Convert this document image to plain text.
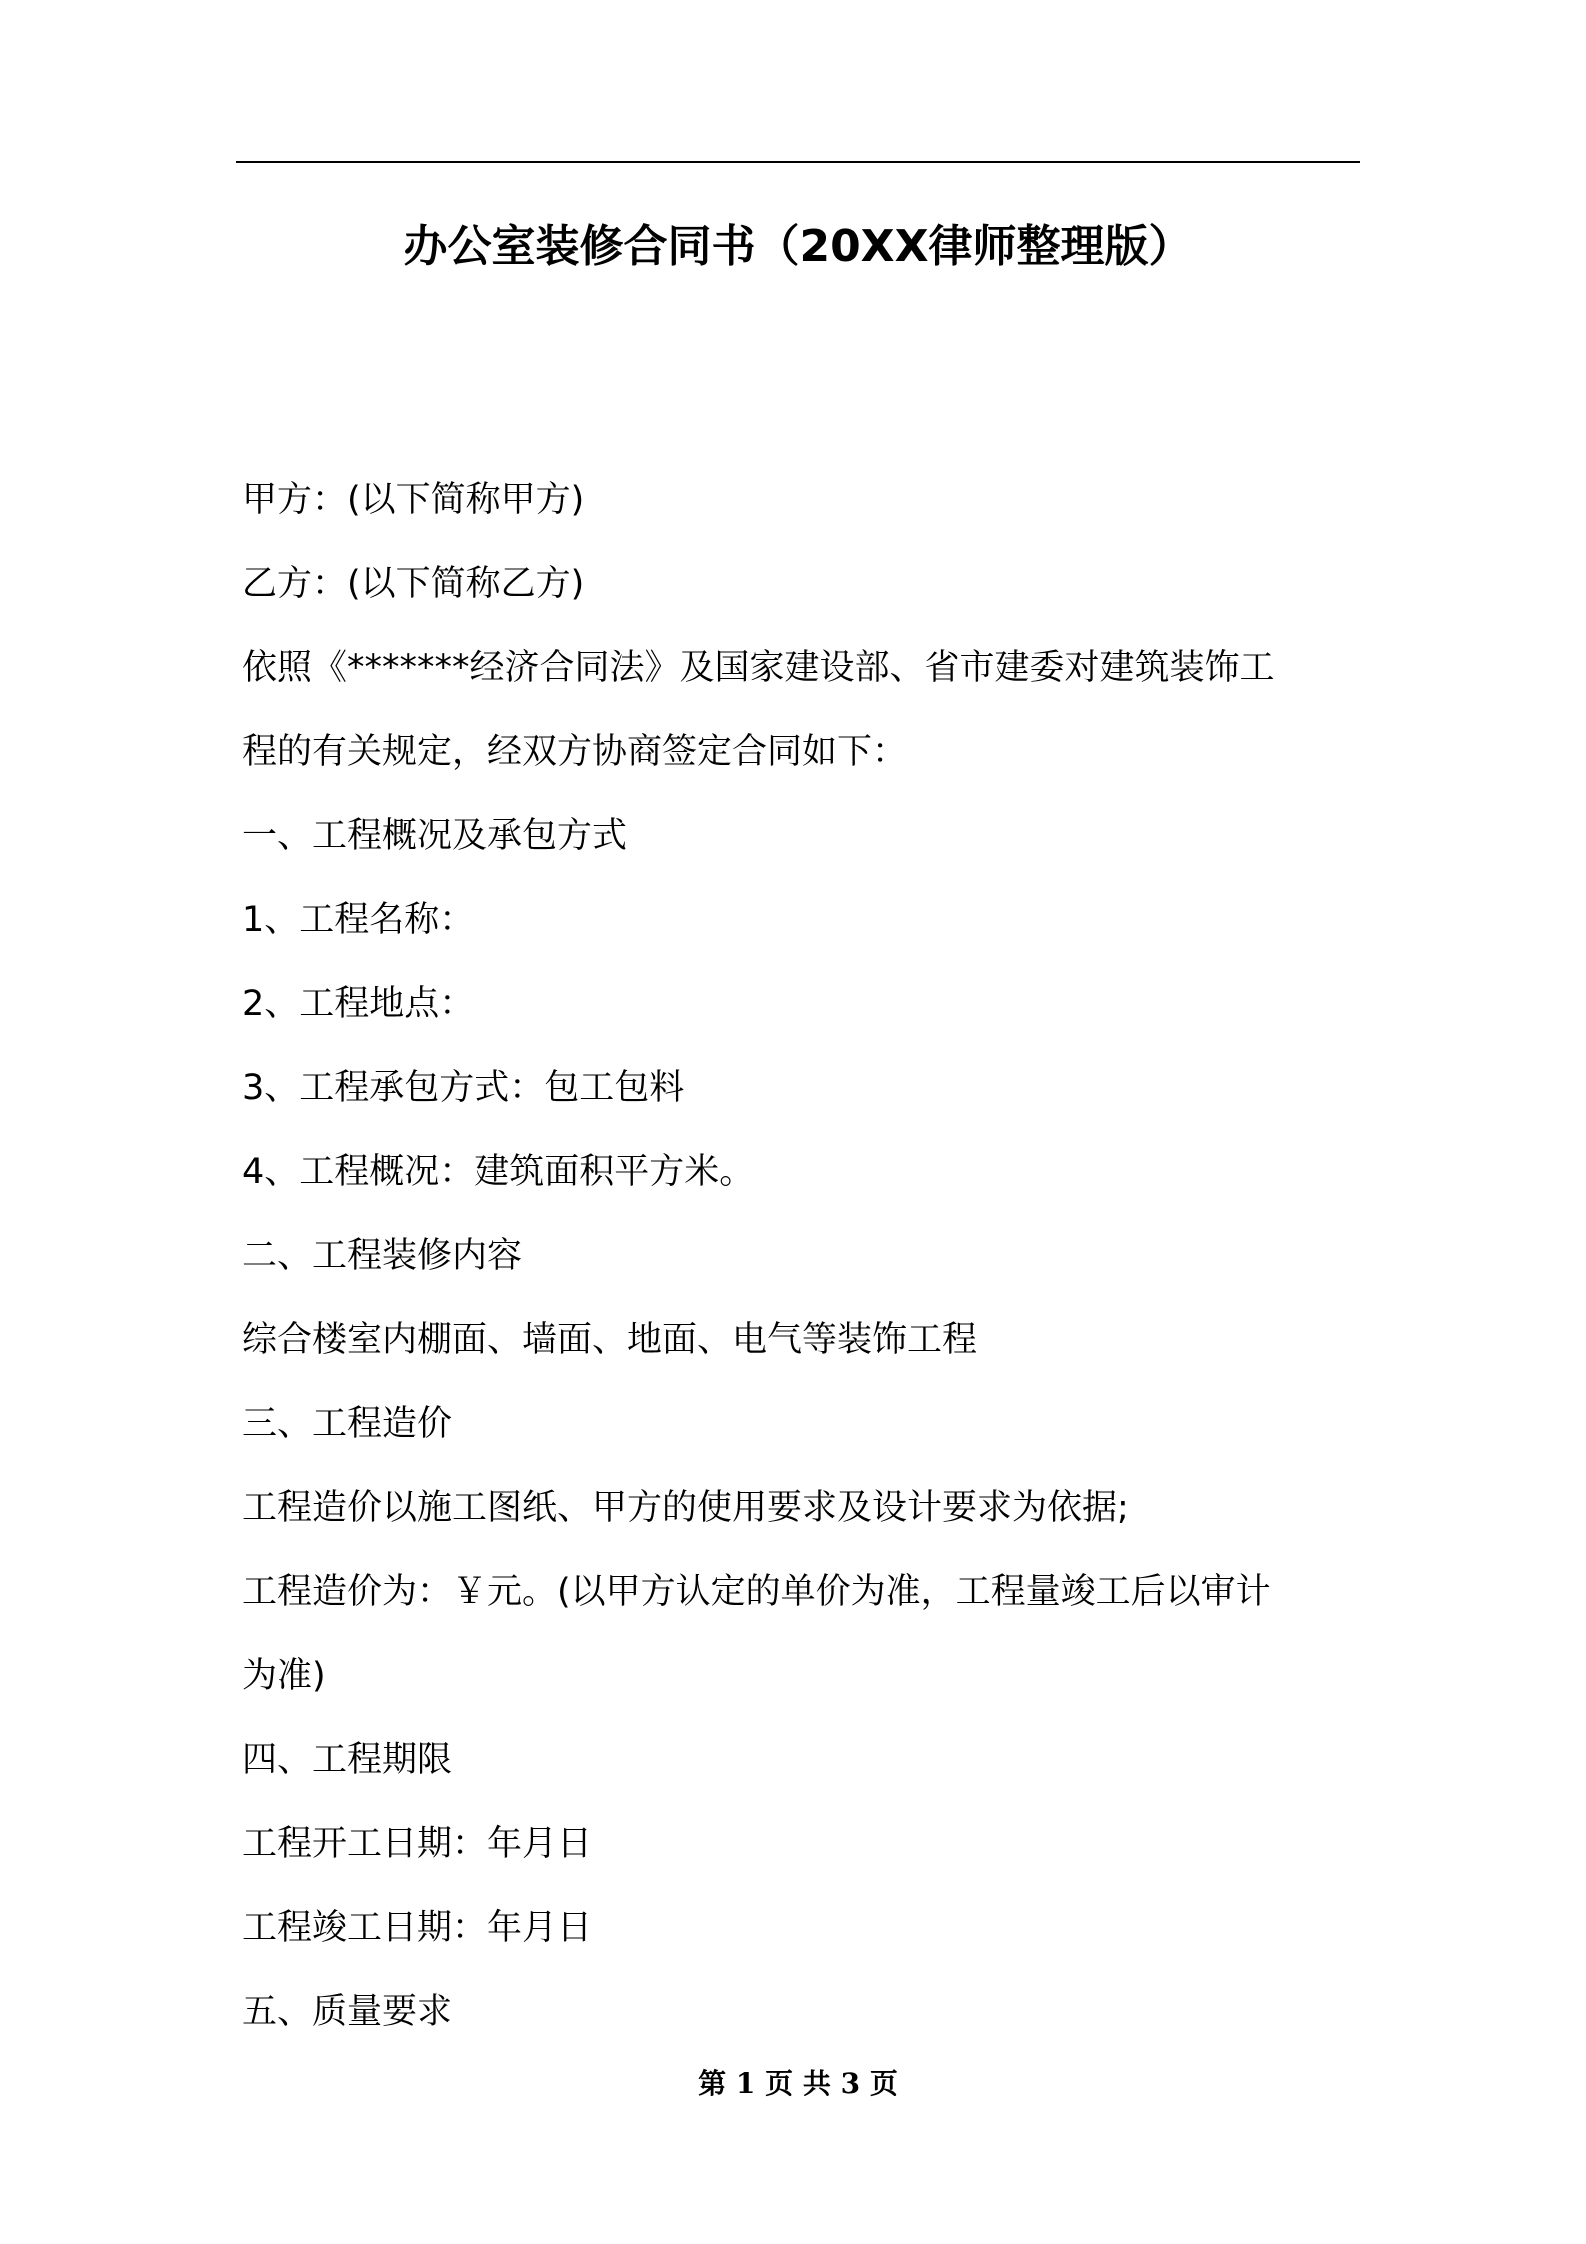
办公室装修合同书（20XX律师整理版）

甲方：(以下简称甲方)

乙方：(以下简称乙方)

依照《*******经济合同法》及国家建设部、省市建委对建筑装饰工

程的有关规定，经双方协商签定合同如下：

一、工程概况及承包方式

1、工程名称：

2、工程地点：

3、工程承包方式：包工包料

4、工程概况：建筑面积平方米。

二、工程装修内容

综合楼室内棚面、墙面、地面、电气等装饰工程

三、工程造价

工程造价以施工图纸、甲方的使用要求及设计要求为依据;

工程造价为：￥元。(以甲方认定的单价为准，工程量竣工后以审计

为准)

四、工程期限

工程开工日期：年月日

工程竣工日期：年月日

五、质量要求

第 1 页 共 3 页
